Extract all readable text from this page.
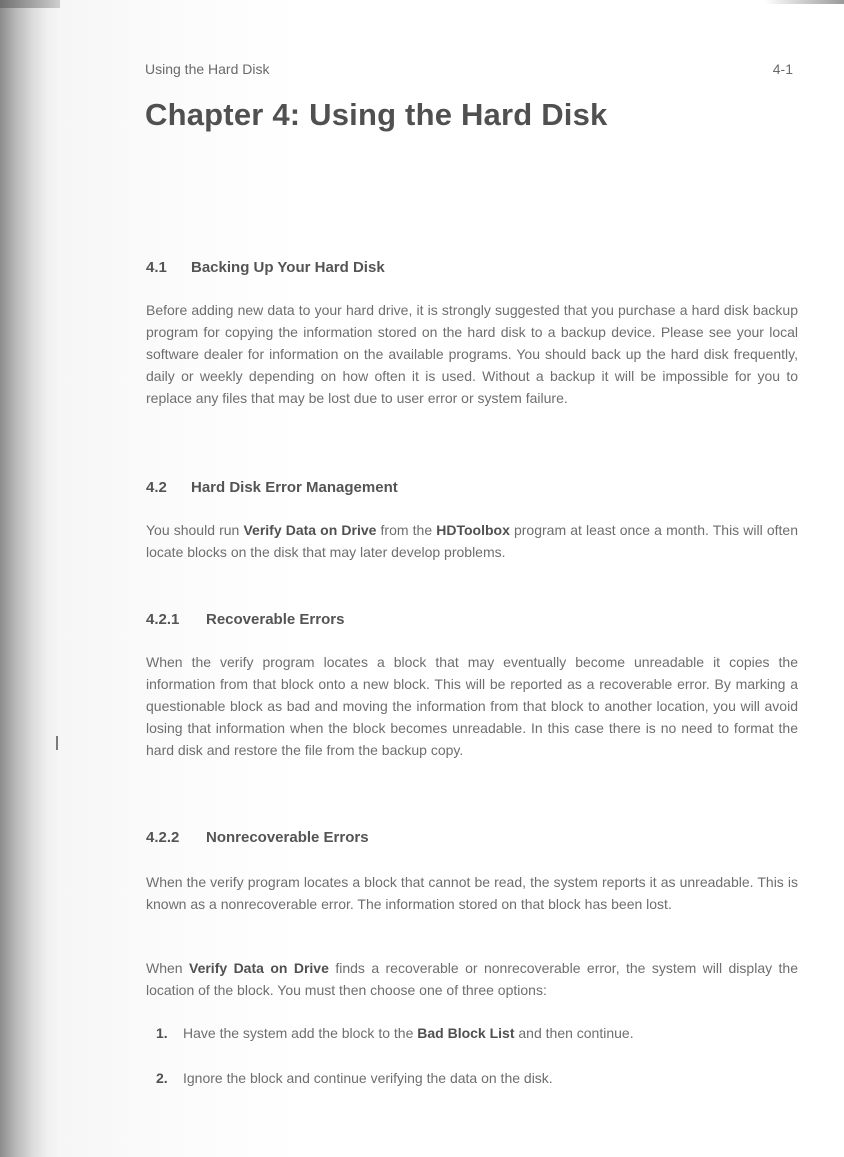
Using the Hard Disk	4-1
Chapter 4: Using the Hard Disk
4.1 Backing Up Your Hard Disk

Before adding new data to your hard drive, it is strongly suggested that you purchase a hard disk backup program for copying the information stored on the hard disk to a backup device. Please see your local software dealer for information on the available programs. You should back up the hard disk frequently, daily or weekly depending on how often it is used. Without a backup it will be impossible for you to replace any files that may be lost due to user error or system failure.

4.2 Hard Disk Error Management

You should run Verify Data on Drive from the HDToolbox program at least once a month. This will often locate blocks on the disk that may later develop problems.

4.2.1 Recoverable Errors

When the verify program locates a block that may eventually become unreadable it copies the information from that block onto a new block. This will be reported as a recoverable error. By marking a questionable block as bad and moving the information from that block to another location, you will avoid losing that information when the block becomes unreadable. In this case there is no need to format the hard disk and restore the file from the backup copy.

4.2.2 Nonrecoverable Errors

When the verify program locates a block that cannot be read, the system reports it as unreadable. This is known as a nonrecoverable error. The information stored on that block has been lost.

When Verify Data on Drive finds a recoverable or nonrecoverable error, the system will display the location of the block. You must then choose one of three options:

1. Have the system add the block to the Bad Block List and then continue.
2. Ignore the block and continue verifying the data on the disk.
